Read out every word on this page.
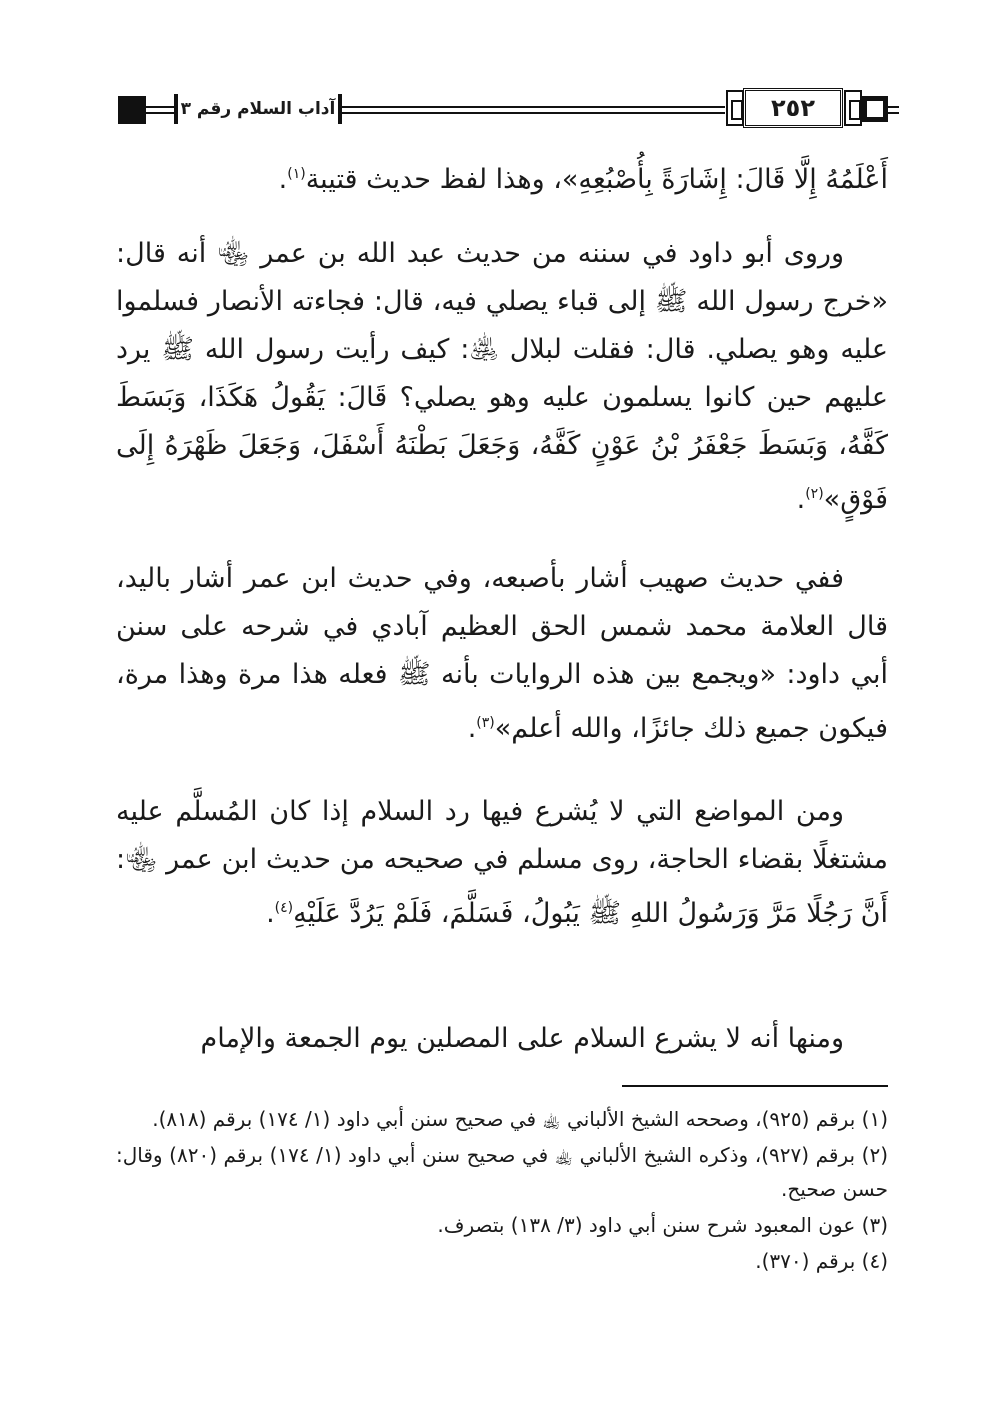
آداب السلام رقم ٣	٢٥٢

أَعْلَمُهُ إِلَّا قَالَ: إِشَارَةً بِأُصْبُعِهِ»، وهذا لفظ حديث قتيبة$^{(١)}$.

وروى أبو داود في سننه من حديث عبد الله بن عمر ﵄ أنه قال: «خرج رسول الله ﷺ إلى قباء يصلي فيه، قال: فجاءته الأنصار فسلموا عليه وهو يصلي. قال: فقلت لبلال ﵁: كيف رأيت رسول الله ﷺ يرد عليهم حين كانوا يسلمون عليه وهو يصلي؟ قَالَ: يَقُولُ هَكَذَا، وَبَسَطَ كَفَّهُ، وَبَسَطَ جَعْفَرُ بْنُ عَوْنٍ كَفَّهُ، وَجَعَلَ بَطْنَهُ أَسْفَلَ، وَجَعَلَ ظَهْرَهُ إِلَى فَوْقٍ»$^{(٢)}$.

ففي حديث صهيب أشار بأصبعه، وفي حديث ابن عمر أشار باليد، قال العلامة محمد شمس الحق العظيم آبادي في شرحه على سنن أبي داود: «ويجمع بين هذه الروايات بأنه ﷺ فعله هذا مرة وهذا مرة، فيكون جميع ذلك جائزًا، والله أعلم»$^{(٣)}$.

ومن المواضع التي لا يُشرع فيها رد السلام إذا كان المُسلَّم عليه مشتغلًا بقضاء الحاجة، روى مسلم في صحيحه من حديث ابن عمر ﵄: أَنَّ رَجُلًا مَرَّ وَرَسُولُ اللهِ ﷺ يَبُولُ، فَسَلَّمَ، فَلَمْ يَرُدَّ عَلَيْهِ$^{(٤)}$.

ومنها أنه لا يشرع السلام على المصلين يوم الجمعة والإمام

(١) برقم (٩٢٥)، وصححه الشيخ الألباني ﵀ في صحيح سنن أبي داود (١/ ١٧٤) برقم (٨١٨).

(٢) برقم (٩٢٧)، وذكره الشيخ الألباني ﵀ في صحيح سنن أبي داود (١/ ١٧٤) برقم (٨٢٠) وقال: حسن صحيح.

(٣) عون المعبود شرح سنن أبي داود (٣/ ١٣٨) بتصرف.

(٤) برقم (٣٧٠).
